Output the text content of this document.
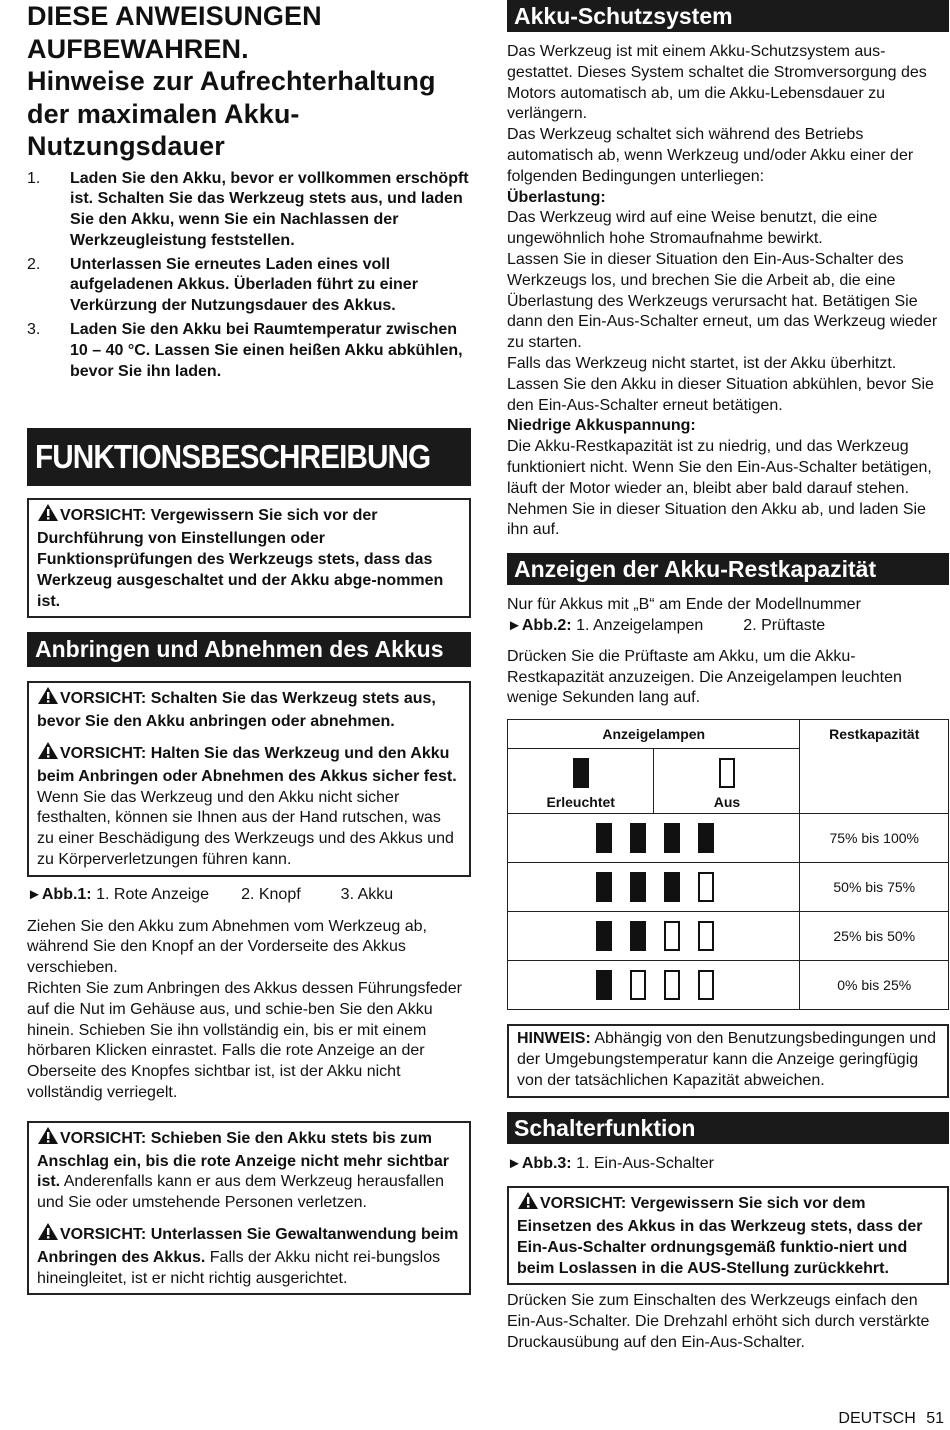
DIESE ANWEISUNGEN AUFBEWAHREN.
Hinweise zur Aufrechterhaltung der maximalen Akku-Nutzungsdauer
1. Laden Sie den Akku, bevor er vollkommen erschöpft ist. Schalten Sie das Werkzeug stets aus, und laden Sie den Akku, wenn Sie ein Nachlassen der Werkzeugleistung feststellen.
2. Unterlassen Sie erneutes Laden eines voll aufgeladenen Akkus. Überladen führt zu einer Verkürzung der Nutzungsdauer des Akkus.
3. Laden Sie den Akku bei Raumtemperatur zwischen 10 – 40 °C. Lassen Sie einen heißen Akku abkühlen, bevor Sie ihn laden.
FUNKTIONSBESCHREIBUNG

VORSICHT: Vergewissern Sie sich vor der Durchführung von Einstellungen oder Funktionsprüfungen des Werkzeugs stets, dass das Werkzeug ausgeschaltet und der Akku abge-nommen ist.

Anbringen und Abnehmen des Akkus

VORSICHT: Schalten Sie das Werkzeug stets aus, bevor Sie den Akku anbringen oder abnehmen.

VORSICHT: Halten Sie das Werkzeug und den Akku beim Anbringen oder Abnehmen des Akkus sicher fest. Wenn Sie das Werkzeug und den Akku nicht sicher festhalten, können sie Ihnen aus der Hand rutschen, was zu einer Beschädigung des Werkzeugs und des Akkus und zu Körperverletzungen führen kann.

►Abb.1: 1. Rote Anzeige 2. Knopf	3. Akku

Ziehen Sie den Akku zum Abnehmen vom Werkzeug ab, während Sie den Knopf an der Vorderseite des Akkus verschieben.

Richten Sie zum Anbringen des Akkus dessen Führungsfeder auf die Nut im Gehäuse aus, und schie-ben Sie den Akku hinein. Schieben Sie ihn vollständig ein, bis er mit einem hörbaren Klicken einrastet. Falls die rote Anzeige an der Oberseite des Knopfes sichtbar ist, ist der Akku nicht vollständig verriegelt.

VORSICHT: Schieben Sie den Akku stets bis zum Anschlag ein, bis die rote Anzeige nicht mehr sichtbar ist. Anderenfalls kann er aus dem Werkzeug herausfallen und Sie oder umstehende Personen verletzen.

VORSICHT: Unterlassen Sie Gewaltanwendung beim Anbringen des Akkus. Falls der Akku nicht rei-bungslos hineingleitet, ist er nicht richtig ausgerichtet.

Akku-Schutzsystem

Das Werkzeug ist mit einem Akku-Schutzsystem aus-gestattet. Dieses System schaltet die Stromversorgung des Motors automatisch ab, um die Akku-Lebensdauer zu verlängern.

Das Werkzeug schaltet sich während des Betriebs automatisch ab, wenn Werkzeug und/oder Akku einer der folgenden Bedingungen unterliegen:

Überlastung:

Das Werkzeug wird auf eine Weise benutzt, die eine ungewöhnlich hohe Stromaufnahme bewirkt.

Lassen Sie in dieser Situation den Ein-Aus-Schalter des Werkzeugs los, und brechen Sie die Arbeit ab, die eine Überlastung des Werkzeugs verursacht hat. Betätigen Sie dann den Ein-Aus-Schalter erneut, um das Werkzeug wieder zu starten.

Falls das Werkzeug nicht startet, ist der Akku überhitzt. Lassen Sie den Akku in dieser Situation abkühlen, bevor Sie den Ein-Aus-Schalter erneut betätigen.

Niedrige Akkuspannung:

Die Akku-Restkapazität ist zu niedrig, und das Werkzeug funktioniert nicht. Wenn Sie den Ein-Aus-Schalter betätigen, läuft der Motor wieder an, bleibt aber bald darauf stehen. Nehmen Sie in dieser Situation den Akku ab, und laden Sie ihn auf.

Anzeigen der Akku-Restkapazität

Nur für Akkus mit „B“ am Ende der Modellnummer

►Abb.2: 1. Anzeigelampen	2. Prüftaste

Drücken Sie die Prüftaste am Akku, um die Akku-Restkapazität anzuzeigen. Die Anzeigelampen leuchten wenige Sekunden lang auf.

Anzeigelampen		Restkapazität

Erleuchtet	Aus	

		75% bis 100%
		50% bis 75%
		25% bis 50%
		0% bis 25%

HINWEIS: Abhängig von den Benutzungsbedingungen und der Umgebungstemperatur kann die Anzeige geringfügig von der tatsächlichen Kapazität abweichen.

Schalterfunktion

►Abb.3: 1. Ein-Aus-Schalter

VORSICHT: Vergewissern Sie sich vor dem Einsetzen des Akkus in das Werkzeug stets, dass der Ein-Aus-Schalter ordnungsgemäß funktio-niert und beim Loslassen in die AUS-Stellung zurückkehrt.

Drücken Sie zum Einschalten des Werkzeugs einfach den Ein-Aus-Schalter. Die Drehzahl erhöht sich durch verstärkte Druckausübung auf den Ein-Aus-Schalter.

DEUTSCH 51
